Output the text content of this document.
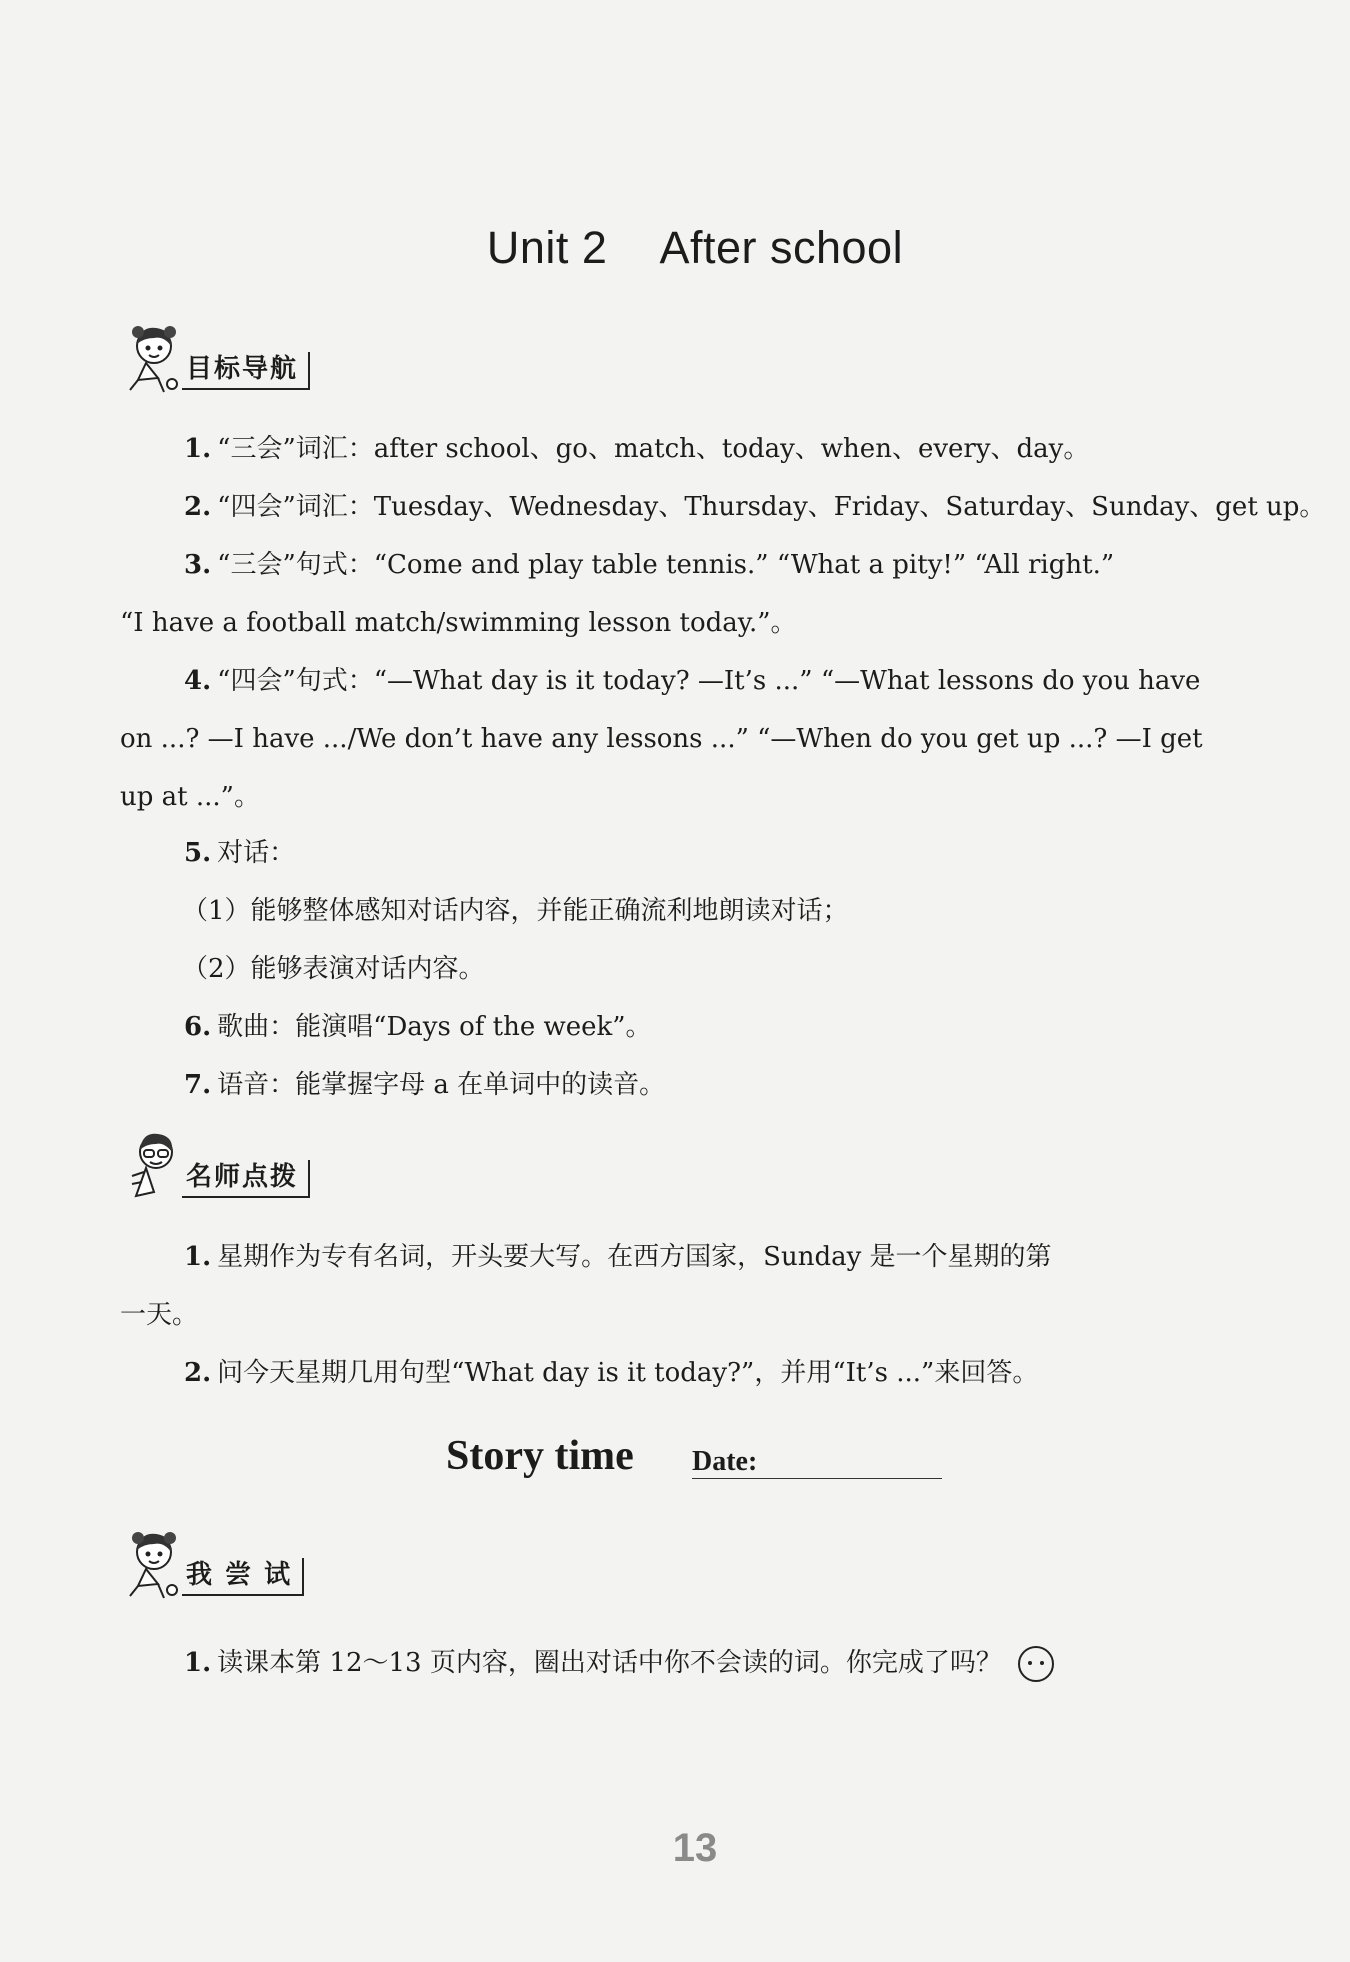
Unit 2 After school
目标导航
1. “三会”词汇：after school、go、match、today、when、every、day。
2. “四会”词汇：Tuesday、Wednesday、Thursday、Friday、Saturday、Sunday、get up。
3. “三会”句式：“Come and play table tennis.” “What a pity!” “All right.”
“I have a football match/swimming lesson today.”。
4. “四会”句式：“—What day is it today? —It’s ...” “—What lessons do you have
on ...? —I have .../We don’t have any lessons ...” “—When do you get up ...? —I get
up at ...”。
5. 对话：
（1）能够整体感知对话内容，并能正确流利地朗读对话；
（2）能够表演对话内容。
6. 歌曲：能演唱“Days of the week”。
7. 语音：能掌握字母 a 在单词中的读音。
名师点拨
1. 星期作为专有名词，开头要大写。在西方国家，Sunday 是一个星期的第
一天。
2. 问今天星期几用句型“What day is it today?”，并用“It’s ...”来回答。
Story time Date:
我 尝 试
1. 读课本第 12～13 页内容，圈出对话中你不会读的词。你完成了吗？
13
